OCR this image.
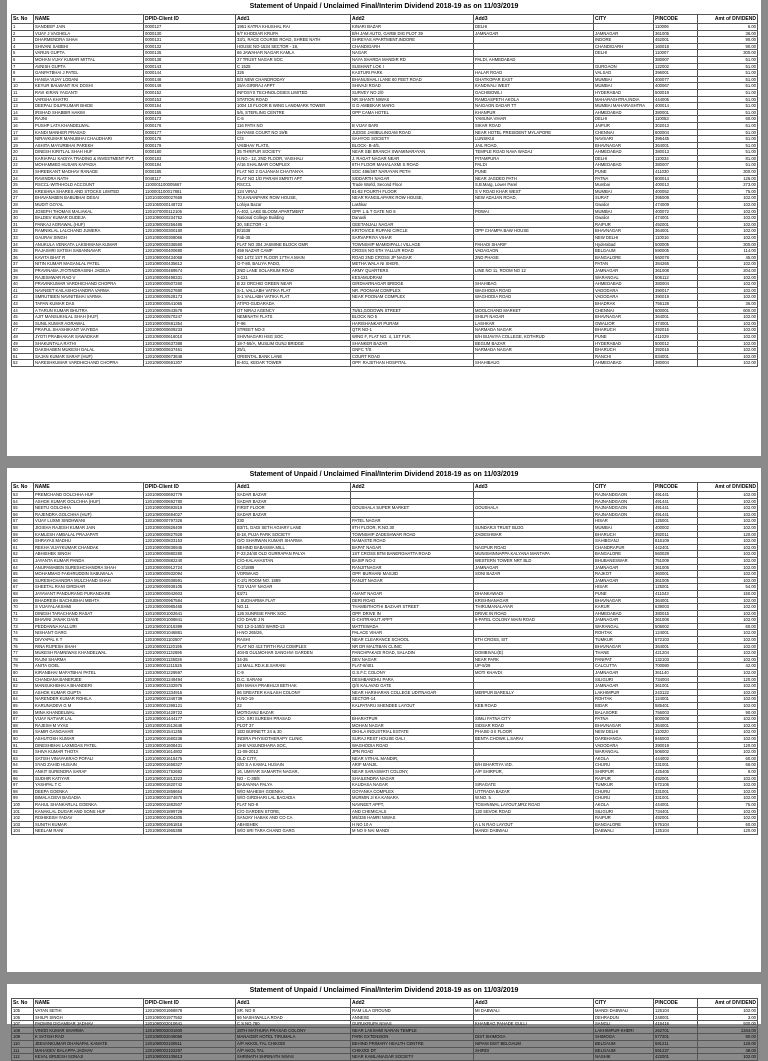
Statement of Unpaid / Unclaimed Final/Interim Dividend 2018-19 as on 11/03/2019
Sr. No	NAME	DPID-Client ID	Add1	Add2	Add3	CITY	PINCODE	Amt of DIVIDEND
1	SANDEEP JAIN	0000127	1961 KATRA KHUSHAL RAI	KINARI BAZAR	DELHI		110006	6.00
2	VIJAY J VAGHELA	0000130	6/7 KHODIAR KRUPA	B/H JAM AUTO, GARBI DIG PLOT 39	JAMNAGAR	JAMNAGAR	361005	36.00
3	DHARMENDRA SHAH	0000131	33/1, RACE COURSE ROAD, SHREE NATH	SHREYAS APARTMENT,INDORE		INDORE	452001	90.00
4	SHIVANI SABBHI	0000132	HOUSE NO-1534 SECTOR - 18,	CHANDIGARH		CHANDIGARH	160018	90.00
5	VARUN GUPTA	0000135	66 JAWAHAR NAGAR KAMLA	NAGAR		DELHI	110007	300.00
6	MOHAN VIJAY KUMAR MITTAL	0000138	27 TRUST NAGAR SOC	NAYA SHARDA MANDIR RD	PALDI, AHMEDABAD		380007	51.00
7	AVNISH GUPTA	0000143	C 1525	SUSHANT LOK I		GURGAON	122002	51.00
8	GANPATBHAI J PATEL	0000144	326	KASTURI PARK	HALAR ROAD	VALSAD	396001	51.00
9	HANSA VIJAY LODANI	0000148	B/3 NEW CHANDRODAY	BHANUSHALI LANE 60 FEET ROAD	GHATKOPAR EAST	MUMBAI	400077	51.00
10	KEYUR BALWANT RAI DOSHI	0000149	15/A GIRIRAJ APPT	SHIVAJI ROAD	KANDIVALI WEST	MUMBAI	400067	51.00
11	RAVI KIRAN YAGANTI	0000152	INFOSYS TECHNOLOGIES LIMITED	SURVEY NO 2/0	GACHIBOWLI	HYDERABAD	500019	51.00
12	VARSHA KHATRI	0000153	STATION ROAD	NR SHANTI NIWAS	RAMDASPETH AKOLA	MAHARASHTRA,INDIA	444005	51.00
13	DEEPALI DILIPKUMAR BHIDE	0000154	1004 10 FLOOR B WING LANDMARK TOWER	G D AMBEKAR MARG	NAIGAON DADAR TT	MUMBAI MAHARASHTRA	400014	51.00
14	IRSHAD SHABBIR HAKIM	0000155	5/6, STERLING CENTRE	OPP CAMA HOTEL	KHANPUR	AHMEDABAD	380001	51.00
15	RAJNI	0000173	C-5		YAMUNA VIHAR	DELHI	110053	60.00
16	PUSHP LATA KHANDELWAL	0000176	116 PATH NO	B VIJAY BARI	SIKAR ROAD	JAIPUR	302013	51.00
17	KANDI MANHER PRASAD	0000177	SHYAMS COURT NO 19/B	JUDGE JAMBULINGAM ROAD	NEAR HOTEL PRESIDENT MYLAPORE	CHENNAI	600004	51.00
18	NIRAVKUMAR MANUBHAI CHAUDHARI	0000178	C/3	SAHYOG SOCIETY	LUNSIKUI	NAVSARI	396445	51.00
19	ASHITA MAYURBHAI PAREKH	0000179	VAIBHAV FLATS,	BLOCK- B-4/5,	JAIL ROAD,	BHAVNAGAR	364001	51.00
20	DINESH KIRITLAL SHAH HUF	0000180	35 THRIFUR SOCIETY	NEAR SBI BRANCH SWAMINARAYAN	TEMPLE ROAD NAVA WADAJ	AHMEDABAD	380013	51.00
21	KARIAPALI KADIYA TRADING & INVESTMENT PVT.	0000183	H.NO.- 12, 2ND FLOOR, VAISHALI	J. RAGAT NAGAR NEAR	PITAMPURA	DELHI	110034	81.00
22	MOHAMMED HUSAIN KAPADIA	0000184	A/16 SHALIMAR COMPLEX	6TH FLOOR MAHALAXMI S ROAD	PALDI	AHMEDABAD	380007	51.00
23	SHREEKANT MADHAV RANADE	0000185	FLAT NO 2 GAJANAN CHAITANYA	SOC 496/497 NARAYAN PETH	PUNE	PUNE	411030	300.00
24	RAVINDRA NATH	0048117	FLAT NO 1/D PARAM SMRITI APT	SIDDARTH NAGAR	NEAR JAGDEO PATH	PATNA	800014	126.00
25	RSCCL-WITHHOLD ACCOUNT	1100001100005667	RSCCL	Trade World, Second Floor	S.B.Marg, Lower Parel	Mumbai	400013	273.00
26	KRESHNA SHARES AND STOCKS LIMITED	1100001100017881	124 VIRAJ	81-82 FOURTH FLOOR	S V ROAD KHAR WEST	MUMBAI	400052	75.00
27	BHAVANABEN BABUBHAI DESAI	1201040000027669	70,KANANPARK ROW HOUSE,	NEAR RANGILAPARK ROW HOUSE,	NEW ADAJAN ROAD,	SURAT	395009	102.00
28	MUDIT GOYAL	1201060000148723	Lohiya Bazar	Lashkar		Gwalior	474009	102.00
29	JOSEPH THOMAS MALIAKAL	1201070000112105	A-402, LAKE BLOOM APARTMENT	OPP. L & T GATE NO 6	POWAI	MUMBAI	400072	102.00
30	BALDEV KUMAR DUDEJA	1201090000234752	National College Building	Danaoli		Gwalior	474001	102.00
31	PANKAJ AGRAWAL (HUF)	1201090000256485	30, SECTOR - 1	GEETANJALI NAGAR		RAIPUR	492001	102.00
32	RAMNIKLAL LALCHAND JUMERA	1201090000300180	B/1538	KRITOVICE RUPANI CIRCLE	OPP CHAMPA BAW HOUSE	BHAVNAGAR	364001	102.00
33	GAURAV SINGH	1201090000308066	Fab-35	SARVAPRIYA VIHAR		NEW DELHI	110016	102.00
34	ANUKULA VENKATA LAKSHMANA KUMAR	1201090000336560	FLAT NO 304 JASMINE BLOCK GMR	TOWNSHIP MAMIDIPALLI VILLAGE	PAHADI SHARIF	Hyderabad	500005	300.00
35	RAJASHRI SATISH SABANNAVAR	1201090000400680	459 NAZAR CAMP	CROSS NO 5TH YALLUR ROAD	VADAGAON	BELGAUM	590005	114.00
36	KAVITA BHAT R	1201090000434068	NO 1472 1ST FLOOR 17TH A MAIN	ROAD 2ND CROSS JP NAGAR	2ND PHASE	BANGALORE	560078	45.00
37	NITIN KUMAR MAGANLAL PATEL	1201090000435612	G-T-80, BALIYA PADO,	METHA WALA NI SHERI,		PATAN	384265	102.00
38	PRAVINABA JYOTINDRASINH JADEJA	1201090000489574	2ND LANE SOLARIUM ROAD	ARMY QUARTERS	LINE NO 11, ROOM NO 12	JAMNAGAR	361008	204.00
39	RAJESHWAR RAO V	1201090000498331	2-121	KESAMUDRAM		WARANGAL	506112	102.00
40	PRAVINKUMAR VARDHICHAND CHOPRA	1201090000507260	B 22 ORCHID GREEN NEAR	GIRDHARNAGAR BRIDGE	SHAHIBAG	AHMEDABAD	380004	102.00
41	NAVNEET KAILASHCHANDRA VARMA	1201090000527680	S-1, VALLABH VATIKA FLAT	NR. POONAM COMPLEX	WAGHODIA ROAD	VADODARA	390017	102.00
42	SMRUTIBEN NAVNITBHAI VARMA	1201090000528173	S-1 VALLABH VATIKA FLAT	NEAR POONAM COMPLEX	WAGHODIA ROAD	VADODARA	390019	102.00
43	TAPAN KUMAR DAS	1201090000541065	AT/PO-GUDARADA			BHADRAK	756128	36.00
44	A TARUN KUMAR BHUTRA	1201090000543578	OT NIRAJ AGENCY	75/51,GODOWN STREET	MOOLCHAND MARKET	CHENNAI	600001	600.00
45	AJIT MANSUKHLAL SHAH (HUF)	1201090000570247	NEMINATH FLATS	BLOCK NO 5	SHILPI NAGAR	BHAVNAGAR	364001	102.00
46	SUNIL KUMAR AGRAWAL	1201090000581354	F-96	HARISHANKAR PURAM	LASHKAR	GWALIOR	474001	102.00
47	PRAFUL SHASHIKANT VAIYEDA	1201090000609233	STREET NO-3	QTR NO-1	NARMADA NAGAR	BHARUCH	392015	102.00
48	JYOTI PRABHAKAR SAWADKAR	1201090000616010	SHIVNAGARI HSG SOC	WING F, FLAT NO. 4, 1ST FLR.	B/H BIJAVIYA COLLEGE, KOTHRUD	PUNE	411029	102.00
49	SHAKUNTALA RATHI	1201090000637388	18-7-56/A, MUSLIM GUNJ BRIDGE	SHANKER BAZAR	BEGUM BAZAR	HYDERABAD	500012	102.00
50	DAKSHABEN MUKESH DALAL	1201090000637461	25/1,	GNFC T/S	NARMADA NAGAR	BHARUCH	392015	102.00
51	SAJAN KUMAR SARAF (HUF)	1201090000673648	ORIENTAL BANK LANE	COURT ROAD		RANCHI	834001	102.00
52	NARESHKUMAR VARDHICHAND CHOPRA	1201090000691307	B-401, KEDAR TOWER	OPP. RAJSTHAN HOSPITAL	SHAHIBAUG	AHMEDABAD	380004	102.00
Statement of Unpaid / Unclaimed Final/Interim Dividend 2018-19 as on 11/03/2019
Sr. No	NAME	DPID-Client ID	Add1	Add2	Add3	CITY	PINCODE	Amt of DIVIDEND
53	PREMCHAND GOLCHHA HUF	1201090000692779	SADAR BAZAR			RAJNANDGAON	491441	102.00
54	ASHOK KUMAR GOLCHHA (HUF)	1201090000692780	SADAR BAZAR			RAJNANDGAON	491441	102.00
55	NEETU GOLCHHA	1201090000692819	FIRST FLOOR	GOUSHALA SUPER MARKET	GOUSHALA	RAJNANDGAON	491441	102.00
56	RAJENDRA GOLCHHA (HUF)	1201090000694027	SADAR BAZAR			RAJNANDGAON	491441	102.00
57	VIJAY LUXMI SINDHWANI	1201090000797326	230	PATEL NAGAR		HISAR	125001	102.00
58	JIGISHA RAJESH KUMAR JAIN	1201090000826409	B3/71, DADI SETH AGIARY LANE	9TH FLOOR, R.NO.30	SUNDARJI TRUST BLDG	MUMBAI	400002	102.00
59	KAMLESH AMBALAL PRAJAPATI	1201090000827928	B-18, PUJA PARK SOCIETY	TOWNSHIP ZADESHWAR ROAD	ZADESHWAR	BHARUCH	392011	120.00
60	SHRAYAS MADHU	1201090000833153	G/O SHARWAN KUMAR SHARMA	NAMASTE ROAD		SAHIBGANJ	816109	102.00
61	REKHA VIJAYKUMAR CHANDAK	1201090000836945	BEHIND BABASWA MILL	BAPAT NAGAR	NAGPUR ROAD	CHANDRAPUR	442401	102.00
62	ABHISHEK SINGH	1201090000880280	F-23,24/40 OLD GURRAPAN PALYA	1ST CROSS BTM BANERGHATTA ROAD	MUNISHINNAPPA KALYANA MANTAPA	BANGALORE	560029	102.00
63	JAYANTA KUMAR PANDA	1201090000882240	C/O-KALAHASTAN	BASIP NO-2	WESTERN TOWER NRT BLD	BHUBANESWAR	751009	102.00
64	ANUPAMABEN SURESHCHANDRA SHAH	1201090000912724	C-2/1889	RANJITNAGAR	JAMNAGAR	JAMNAGAR	361005	102.00
65	MOHAMMAD FAKHRUDDIN SABUWALA	1201090000932094	VORWAAD	OPP. BURHANI MASJID	SONI BAZAR	RAJKOT	360001	102.00
66	SURESHCHANDRA MULCHAND SHAH	1201090000936591	C-2/1 ROOM NO. 1889	RANJIT NAGAR		JAMNAGAR	361005	102.00
67	SHEETAL RANI GIRDHAR	1201090000938105	723 VIJAY NAGAR			HISAR	125001	54.00
68	JAYAVANT PANDURANG PURANDARE	1201090000942603	63/71	ANANT NAGAR	DHANKAWADI	PUNE	411043	150.00
69	BHADRESH BACHUBHAI MEHTA	1201090000967584	1 SUDHARMA FLAT	DERI ROAD	KRISHNANAGAR	BHAVNAGAR	364001	102.00
70	S VIJAYALAKSHMI	1201090000985465	NO.11	THAMBITHOTHI BAZAAR STREET	THIRUMANALAYAR	KARUR	639003	102.00
71	DINESH TARACHAND RASAT	1201090001002641	126 SUNRISE PARK SOC	OPP. DRIVE IN	DRIVE IN ROAD	AHMEDABAD	380015	102.00
72	BHAVINI JANAK DAVE	1201090001008841	C/O DAVE J N	G-CHITRAKUT APPT	6-PATEL COLONY MAIN ROAD	JAMNAGAR	361008	102.00
73	PEDDANNA KALLURI	1201090001016399	NO 13-3-140/2 WARD-13	MATTEWADA		WARANGAL	506002	60.00
74	NISHANT GARG	1201090001046881	H-NO 265/26,	PALACE VIHAR		ROHTAK	124001	102.00
75	DIVYAPAL K T	1201090001102507	RASHI	NEAR CLEARANCE SCHOOL	6TH CROSS, SIT	TUMKUR	572103	102.00
76	RINA RUPESH SHAH	1201090001120195	FLAT NO 413 TIRTH RAJ COMPLEX	NR DR MALTIBAN CLINIC		BHAVNAGAR	364001	102.00
77	MUKESH RAMNIWAS KHANDELWAL	1201090001132695	404-B GULMOHAR SANGHVI GARDEN	PANCHPAKADI ROAD, SALADIN	DOMBIVALI(E)	THANE	421204	102.00
78	RAJNI SHARMA	1201090001135026	34-35	DEV NAGAR	NEAR PARK	PANIPAT	132103	102.00
79	ANITA GOEL	1201090001211525	13 MALL RD.K.B.SARANI	FLAT-8/401	UP-5/29	CALCUTTA	700080	42.00
80	KIRANBHAI MAFATBHAI PATEL	1201090001229597	C-9	G.S.F.C COLONY	MOTI KHAVDI	JAMNAGAR	361140	102.00
81	CHANDANA BANERJEE	1201090001249494	D.C. SARANI	DESHBANDHU PARA		SILIGURI	734004	120.00
82	MANSUKHBHAI A BHANDERI	1201090001332975	B/H MAHA PRABHUJI BETHAK	Q/S KALAVAD GATE		JAMNAGAR	361001	102.00
83	ASHOK KUMAR GUPTA	1201090001334915	86 GREATER KAILASH COLONY	NEAR HARIHARAN COLLEGE UDITNAGAR	MERPUR BAREILLY	LAKHIMPUR	243122	102.00
84	NARENDER KUMAR ROHILA	1201090001346739	H.NO-19	SECTOR-14		ROHTAK	124001	102.00
85	KARUNADEVI G M	1201090001398121	22	KALPATARU SHENDEE LAYOUT	KEB ROAD	BIDAR	585401	102.00
86	MINA KHANDELWAL	1201090001429722	MOTIGANJ BAZAR			BALASORE	756003	90.00
87	VIJAY NATVAR LAL	1201090001444177	C/O. SRI SURESH PRASAD	BHARATPUR	SIMLI FATNA CITY	PATNA	800008	102.00
88	RAJESH M VYAS	1201090001512648	PLOT 37	MOHAN NAGAR	SIDSAR ROAD	BHAVNAGAR	364001	102.00
89	SAMIR GANGAHAR	1201090001541255	1ED BURNETT 24 & 30	OKHLA INDUSTRIAL ESTATE	PHASE-3 II FLOOR	NEW DELHI	110020	102.00
90	ASHUTOSH KUMAR	1201090001560236	INDIRA PHYSIOTHERAPY CLINIC	SURAJ REST HOUSE GALI	BENTA CHOWK L.SARAI	DARBHANGA	846003	102.00
91	DINESHBHAI LAXMIDAS PATEL	1201090001608431	19-B VASUNDHARA SOC,	WAGHODIA ROAD		VADODARA	390019	120.00
92	SHIVA KUMAR THOTA	1201090001614802	11-08-2012	JPN ROAD		WARANGAL	506002	102.00
93	SATISH VINAYAKRAO POFALI	1201090001615475	OLD CITY,	NEAR VITHAL MANDIR,		AKOLA	444002	60.00
94	SYAD ZAHID HUSAIN	1201090001658327	S/O S A KAMAL HUSAIN	ARIF MANJIL	B/H BHARTIYA VID.	CHURU	331001	66.00
95	ANKIT SURENDRA SARAF	1201090001752682	16, UMIYAR SAMARTH NAGAR,	NEAR SARASWATI COLONY,	A/P SHIRPUR,	SHIRPUR	425405	9.00
96	SUDHIR KATIYAR	1201090001813323	NO - C-39/8	SHAILENDRA NAGAR		RAIPUR	492001	102.00
97	YASHPAL T C	1201090001820742	BASAVANA PALYA	KAUDASA NAGAR	SIRAGATE	TUMKUR	572106	102.00
98	DEEPA GOENKA	1201090001858654	W/O MAHESH GOENKA	GOYANKA COMPLEX	UTTRADA BAZAR	CHURU	331001	102.00
99	BIMALA DEVI BAGADIA	1201090001874875	W/O GIRDHARI LAL BAGADIA	MURMIN JI KA KANARA	W.NO. 5	CHURU	331001	102.00
100	RAHUL SHANKARLAL GOENKA	1201090001882507	FLAT NO-9	NAVNEET APPT,	TOSHNIWAL LAYOUT,MRZ ROAD	AKOLA	444001	75.00
101	KANAKLAL DUGAR AND SONS HUF	1201090001899729	C/O GARDEN STORE,	AND CHEMICALS	120 SEVOK ROAD	SILIGURI	734401	102.00
102	RISHIKESH YADAV	1201090001904305	SANJAY HABAK AND CO CA	M5/336 HAMRI NIWAS		RAIPUR	492001	102.00
103	SUNITH KUMAR	1201090001951816	ABHISHEK	H NO 10 A	A L N RAO LAYOUT	BANGALORE	576104	60.00
104	NEELAM RANI	1201090001965388	W/O SRI TARA CHAND GARG	M NO 9 NAI MANDI	MANDI DABWALI	DABWALI	125104	120.00
Statement of Unpaid / Unclaimed Final/Interim Dividend 2018-19 as on 11/03/2019
Sr. No	NAME	DPID-Client ID	Add1	Add2	Add3	CITY	PINCODE	Amt of DIVIDEND
105	VATAN SETHI	1201090001968878	SR. NO 8	RAM LILA GROUND	MI DABWALI	MANDI DABWALI	125104	102.00
106	SHILPI SINGH	1201090001977562	66 NASHIWALLA ROAD	ANNEXE		DEHRADUN	248001	3.00
107	PADMINI DIGAMBAR JADHAV	1201090002010641	C S NO 780	GURUKRUPA NIVAS	KHANBAG PAHADE GULLI	SANGLI	416416	930.00
108	VINOD KUMAR SHARMA	1201090002031600	28TH MATHURA PRASAD COLONY	NEAR LAKSHMI NARAN TEMPLE		LAKHIMPUR-KHERI	262701	1344.00
109	K SATISH RAO	1201090002049065	MANAGER HOTEL TIRUMALA	PARK EXTENSION	DIST SHIMOGA	SHIMOGA	577201	90.00
110	JEEVANKUMAR DHANAPAL KAMATE	1201090002100511	A/P AKKOL TAL CHIKODI	BEHIND PRIMARY HEALTH CENTRE	NIPANI DIST BELGAUM	BELGAUM	591211	120.00
111	MAHADEV BALAPPA JADHAV	1201090002102297	A/P AKOL TAL	CHIKODI DT	SHIRDI	BELGAUM	591237	48.00
112	KEVAL BRIJESH SONAJI	1201090002105613	SHRINATH SHRINATH NIVAS	NEAR KAMLANAGAR SOCIETY		NASHIK	422001	102.00
